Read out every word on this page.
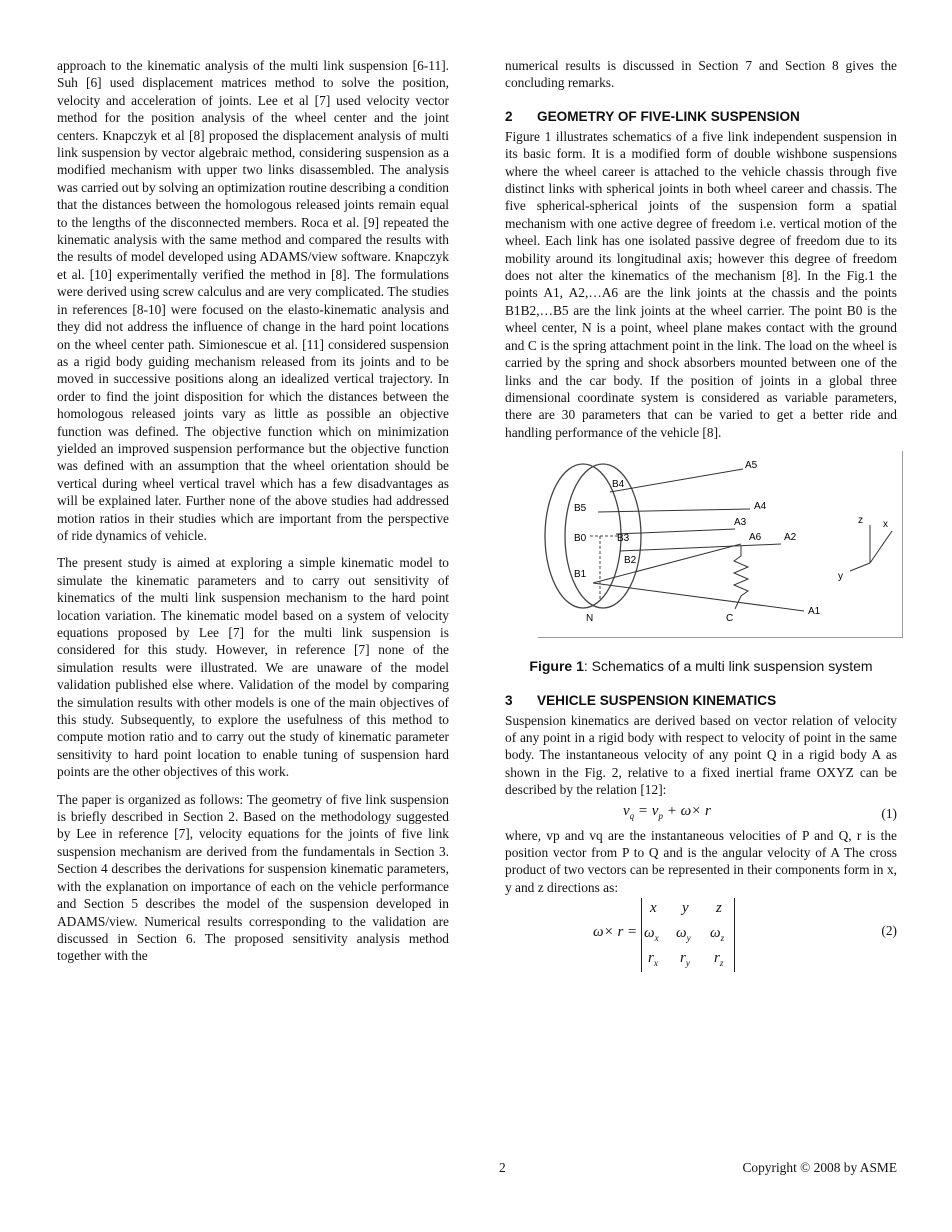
approach to the kinematic analysis of the multi link suspension [6-11]. Suh [6] used displacement matrices method to solve the position, velocity and acceleration of joints. Lee et al [7] used velocity vector method for the position analysis of the wheel center and the joint centers. Knapczyk et al [8] proposed the displacement analysis of multi link suspension by vector algebraic method, considering suspension as a modified mechanism with upper two links disassembled. The analysis was carried out by solving an optimization routine describing a condition that the distances between the homologous released joints remain equal to the lengths of the disconnected members. Roca et al. [9] repeated the kinematic analysis with the same method and compared the results with the results of model developed using ADAMS/view software. Knapczyk et al. [10] experimentally verified the method in [8]. The formulations were derived using screw calculus and are very complicated. The studies in references [8-10] were focused on the elasto-kinematic analysis and they did not address the influence of change in the hard point locations on the wheel center path. Simionescue et al. [11] considered suspension as a rigid body guiding mechanism released from its joints and to be moved in successive positions along an idealized vertical trajectory. In order to find the joint disposition for which the distances between the homologous released joints vary as little as possible an objective function was defined. The objective function which on minimization yielded an improved suspension performance but the objective function was defined with an assumption that the wheel orientation should be vertical during wheel vertical travel which has a few disadvantages as will be explained later. Further none of the above studies had addressed motion ratios in their studies which are important from the perspective of ride dynamics of vehicle.

The present study is aimed at exploring a simple kinematic model to simulate the kinematic parameters and to carry out sensitivity of kinematics of the multi link suspension mechanism to the hard point location variation. The kinematic model based on a system of velocity equations proposed by Lee [7] for the multi link suspension is considered for this study. However, in reference [7] none of the simulation results were illustrated. We are unaware of the model validation published else where. Validation of the model by comparing the simulation results with other models is one of the main objectives of this study. Subsequently, to explore the usefulness of this method to compute motion ratio and to carry out the study of kinematic parameter sensitivity to hard point location to enable tuning of suspension hard points are the other objectives of this work.

The paper is organized as follows: The geometry of five link suspension is briefly described in Section 2. Based on the methodology suggested by Lee in reference [7], velocity equations for the joints of five link suspension mechanism are derived from the fundamentals in Section 3. Section 4 describes the derivations for suspension kinematic parameters, with the explanation on importance of each on the vehicle performance and Section 5 describes the model of the suspension developed in ADAMS/view. Numerical results corresponding to the validation are discussed in Section 6. The proposed sensitivity analysis method together with the

numerical results is discussed in Section 7 and Section 8 gives the concluding remarks.

2 GEOMETRY OF FIVE-LINK SUSPENSION

Figure 1 illustrates schematics of a five link independent suspension in its basic form. It is a modified form of double wishbone suspensions where the wheel career is attached to the vehicle chassis through five distinct links with spherical joints in both wheel career and chassis. The five spherical-spherical joints of the suspension form a spatial mechanism with one active degree of freedom i.e. vertical motion of the wheel. Each link has one isolated passive degree of freedom due to its mobility around its longitudinal axis; however this degree of freedom does not alter the kinematics of the mechanism [8]. In the Fig.1 the points A1, A2,…A6 are the link joints at the chassis and the points B1B2,…B5 are the link joints at the wheel carrier. The point B0 is the wheel center, N is a point, wheel plane makes contact with the ground and C is the spring attachment point in the link. The load on the wheel is carried by the spring and shock absorbers mounted between one of the links and the car body. If the position of joints in a global three dimensional coordinate system is considered as variable parameters, there are 30 parameters that can be varied to get a better ride and handling performance of the vehicle [8].

A5
A4
A3
A6 A2
A1
B4
B5
B0	B3
B2
B1
N	C
z x
y
Figure 1: Schematics of a multi link suspension system
3 VEHICLE SUSPENSION KINEMATICS

Suspension kinematics are derived based on vector relation of velocity of any point in a rigid body with respect to velocity of point in the same body. The instantaneous velocity of any point Q in a rigid body A as shown in the Fig. 2, relative to a fixed inertial frame OXYZ can be described by the relation [12]:

$v_q = v_p + \omega\times r$	(1)

where, vp and vq are the instantaneous velocities of P and Q, r is the position vector from P to Q and is the angular velocity of A The cross product of two vectors can be represented in their components form in x, y and z directions as:

ω× r =
x y z
$\omega_x$ $\omega_y$ $\omega_z$
$r_x$ $r_y$ $r_z$
(2)
2	Copyright © 2008 by ASME
